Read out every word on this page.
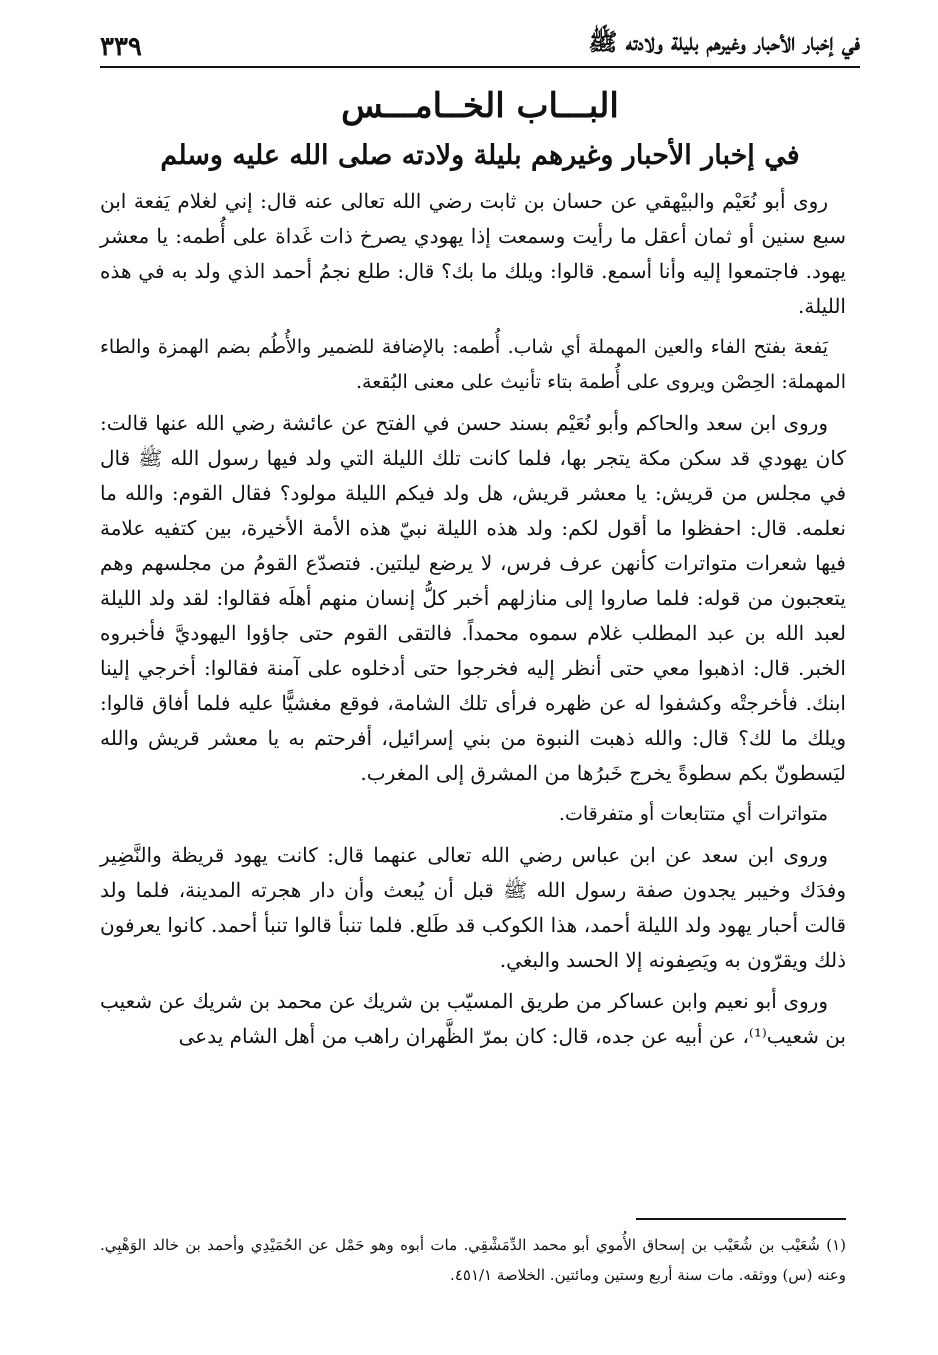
في إخبار الأحبار وغيرهم بليلة ولادته ﷺ
٣٣٩
البـــاب الخــامـــس
في إخبار الأحبار وغيرهم بليلة ولادته صلى الله عليه وسلم

روى أبو نُعَيْم والبيْهقي عن حسان بن ثابت رضي الله تعالى عنه قال: إني لغلام يَفعة ابن سبع سنين أو ثمان أعقل ما رأيت وسمعت إذا يهودي يصرخ ذات غَداة على أُطمه: يا معشر يهود. فاجتمعوا إليه وأنا أسمع. قالوا: ويلك ما بك؟ قال: طلع نجمُ أحمد الذي ولد به في هذه الليلة.

يَفعة بفتح الفاء والعين المهملة أي شاب. أُطمه: بالإضافة للضمير والأُطُم بضم الهمزة والطاء المهملة: الحِصْن ويروى على أُطمة بتاء تأنيث على معنى البُقعة.

وروى ابن سعد والحاكم وأبو نُعَيْم بسند حسن في الفتح عن عائشة رضي الله عنها قالت: كان يهودي قد سكن مكة يتجر بها، فلما كانت تلك الليلة التي ولد فيها رسول الله ﷺ قال في مجلس من قريش: يا معشر قريش، هل ولد فيكم الليلة مولود؟ فقال القوم: والله ما نعلمه. قال: احفظوا ما أقول لكم: ولد هذه الليلة نبيّ هذه الأمة الأخيرة، بين كتفيه علامة فيها شعرات متواترات كأنهن عرف فرس، لا يرضع ليلتين. فتصدّع القومُ من مجلسهم وهم يتعجبون من قوله: فلما صاروا إلى منازلهم أخبر كلُّ إنسان منهم أهلَه فقالوا: لقد ولد الليلة لعبد الله بن عبد المطلب غلام سموه محمداً. فالتقى القوم حتى جاؤوا اليهوديَّ فأخبروه الخبر. قال: اذهبوا معي حتى أنظر إليه فخرجوا حتى أدخلوه على آمنة فقالوا: أخرجي إلينا ابنك. فأخرجتْه وكشفوا له عن ظهره فرأى تلك الشامة، فوقع مغشيًّا عليه فلما أفاق قالوا: ويلك ما لك؟ قال: والله ذهبت النبوة من بني إسرائيل، أفرحتم به يا معشر قريش والله ليَسطونّ بكم سطوةً يخرج خَبرُها من المشرق إلى المغرب.

متواترات أي متتابعات أو متفرقات.

وروى ابن سعد عن ابن عباس رضي الله تعالى عنهما قال: كانت يهود قريظة والنَّضِير وفدَك وخيبر يجدون صفة رسول الله ﷺ قبل أن يُبعث وأن دار هجرته المدينة، فلما ولد قالت أحبار يهود ولد الليلة أحمد، هذا الكوكب قد طَلع. فلما تنبأ قالوا تنبأ أحمد. كانوا يعرفون ذلك ويقرّون به ويَصِفونه إلا الحسد والبغي.

وروى أبو نعيم وابن عساكر من طريق المسيّب بن شريك عن محمد بن شريك عن شعيب بن شعيب⁽¹⁾، عن أبيه عن جده، قال: كان بمرّ الظَّهران راهب من أهل الشام يدعى

(١) شُعَيْب بن شُعَيْب بن إسحاق الأُموي أبو محمد الدِّمَشْقِي. مات أبوه وهو حَمْل عن الحُمَيْدِي وأحمد بن خالد الوَهْبِي. وعنه (س) ووثقه. مات سنة أربع وستين ومائتين. الخلاصة ٤٥١/١.
